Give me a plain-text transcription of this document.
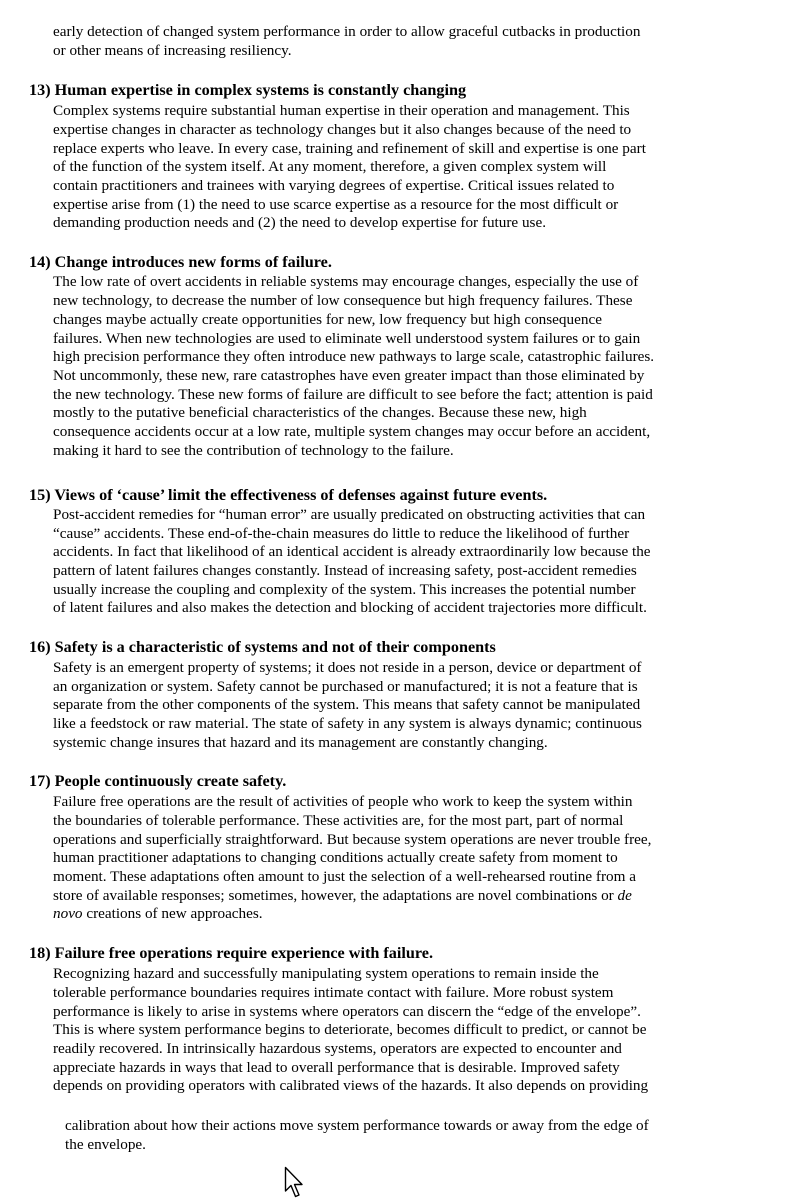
early detection of changed system performance in order to allow graceful cutbacks in production

or other means of increasing resiliency.

13) Human expertise in complex systems is constantly changing

Complex systems require substantial human expertise in their operation and management. This

expertise changes in character as technology changes but it also changes because of the need to

replace experts who leave. In every case, training and refinement of skill and expertise is one part

of the function of the system itself. At any moment, therefore, a given complex system will

contain practitioners and trainees with varying degrees of expertise. Critical issues related to

expertise arise from (1) the need to use scarce expertise as a resource for the most difficult or

demanding production needs and (2) the need to develop expertise for future use.

14) Change introduces new forms of failure.

The low rate of overt accidents in reliable systems may encourage changes, especially the use of

new technology, to decrease the number of low consequence but high frequency failures. These

changes maybe actually create opportunities for new, low frequency but high consequence

failures. When new technologies are used to eliminate well understood system failures or to gain

high precision performance they often introduce new pathways to large scale, catastrophic failures.

Not uncommonly, these new, rare catastrophes have even greater impact than those eliminated by

the new technology. These new forms of failure are difficult to see before the fact; attention is paid

mostly to the putative beneficial characteristics of the changes. Because these new, high

consequence accidents occur at a low rate, multiple system changes may occur before an accident,

making it hard to see the contribution of technology to the failure.

15) Views of ‘cause’ limit the effectiveness of defenses against future events.

Post-accident remedies for “human error” are usually predicated on obstructing activities that can

“cause” accidents. These end-of-the-chain measures do little to reduce the likelihood of further

accidents. In fact that likelihood of an identical accident is already extraordinarily low because the

pattern of latent failures changes constantly. Instead of increasing safety, post-accident remedies

usually increase the coupling and complexity of the system. This increases the potential number

of latent failures and also makes the detection and blocking of accident trajectories more difficult.

16) Safety is a characteristic of systems and not of their components

Safety is an emergent property of systems; it does not reside in a person, device or department of

an organization or system. Safety cannot be purchased or manufactured; it is not a feature that is

separate from the other components of the system. This means that safety cannot be manipulated

like a feedstock or raw material. The state of safety in any system is always dynamic; continuous

systemic change insures that hazard and its management are constantly changing.

17) People continuously create safety.

Failure free operations are the result of activities of people who work to keep the system within

the boundaries of tolerable performance. These activities are, for the most part, part of normal

operations and superficially straightforward. But because system operations are never trouble free,

human practitioner adaptations to changing conditions actually create safety from moment to

moment. These adaptations often amount to just the selection of a well-rehearsed routine from a

store of available responses; sometimes, however, the adaptations are novel combinations or de

novo creations of new approaches.

18) Failure free operations require experience with failure.

Recognizing hazard and successfully manipulating system operations to remain inside the

tolerable performance boundaries requires intimate contact with failure. More robust system

performance is likely to arise in systems where operators can discern the “edge of the envelope”.

This is where system performance begins to deteriorate, becomes difficult to predict, or cannot be

readily recovered. In intrinsically hazardous systems, operators are expected to encounter and

appreciate hazards in ways that lead to overall performance that is desirable. Improved safety

depends on providing operators with calibrated views of the hazards. It also depends on providing

calibration about how their actions move system performance towards or away from the edge of

the envelope.
